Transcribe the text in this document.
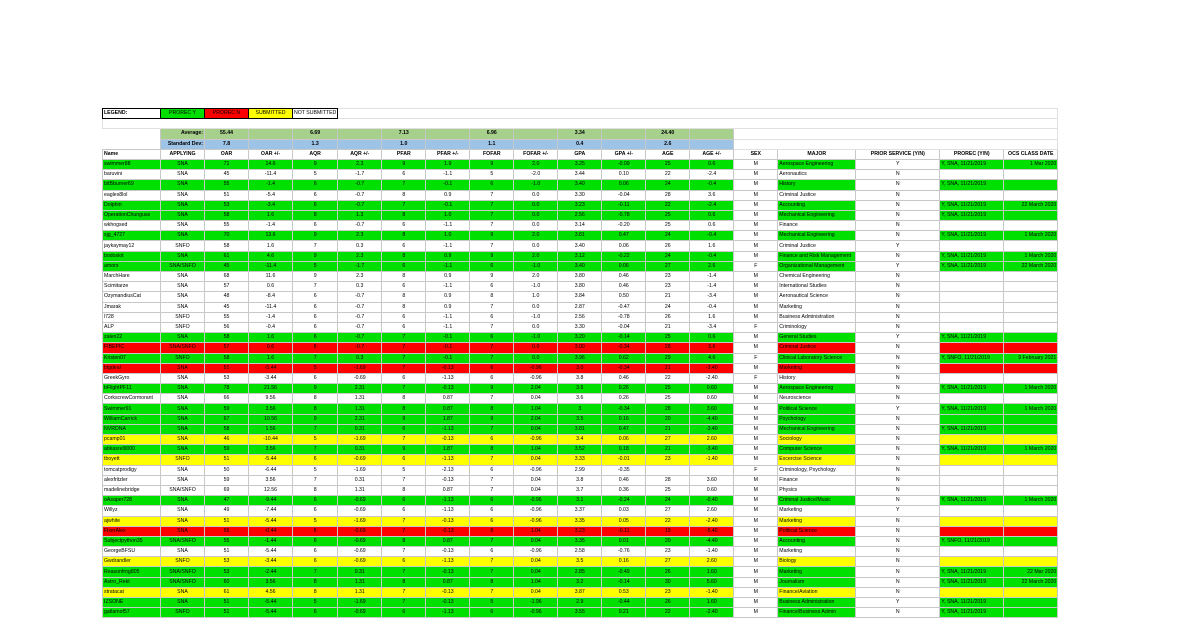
LEGEND:	PROREC Y	PROREC N	SUBMITTED	NOT SUBMITTED														

	Average:	55.44		6.69		7.13		6.96		3.34		24.40						
	Standard Dev:	7.8		1.3		1.0		1.1		0.4		2.6						
Name	APPLYING	OAR	OAR +/-	AQR	AQR +/-	PFAR	PFAR +/-	FOFAR	FOFAR +/-	GPA	GPA +/-	AGE	AGE +/-	SEX	MAJOR	PRIOR SERVICE (Y/N)	PROREC (Y/N)	OCS CLASS DATE
swimmer88	SNA	71	14.6	9	2.3	9	1.9	9	2.0	3.25	-0.09	25	0.6	M	Aerospace Engineering	Y	Y, SNA, 11/21/2019	1 Mar 2020
baruvini	SNA	45	-11.4	5	-1.7	6	-1.1	5	-2.0	3.44	0.10	22	-2.4	M	Aeronautics	N		
bitBburner69	SNA	55	-1.4	6	-0.7	7	-0.1	6	-1.0	3.40	0.06	24	-0.4	M	History	N	Y, SNA, 11/21/2019	
eagles8lol	SNA	51	-5.4	6	-0.7	8	0.9	7	0.0	3.30	-0.04	28	3.6	M	Criminal Justice	N		
Dolphin	SNA	53	-3.4	6	-0.7	7	-0.1	7	0.0	3.23	-0.11	22	-2.4	M	Accounting	N	Y, SNA, 11/21/2019	22 March 2020
OperationChunguss	SNA	58	1.6	8	1.3	8	1.0	7	0.0	2.56	-0.78	25	0.6	M	Mechanical Engineering	N	Y, SNA, 11/21/2019	
wkhogsed	SNA	55	-1.4	6	-0.7	6	-1.1	7	0.0	3.14	-0.20	25	0.6	M	Finance	N		
sjg_4727	SNA	70	13.6	9	2.3	8	1.0	9	2.0	3.81	0.47	24	-0.4	M	Mechanical Engineering	N	Y, SNA, 11/21/2019	1 March 2020
jaykaymay12	SNFO	58	1.6	7	0.3	6	-1.1	7	0.0	3.40	0.06	26	1.6	M	Criminal Justice	Y		
bodoslot	SNA	61	4.6	9	2.3	8	0.9	9	2.0	3.12	-0.22	24	-0.4	M	Finance and Risk Management	N	Y, SNA, 11/21/2019	1 March 2020
amorx	SNA/SNFO	45	-11.4	5	-1.7	6	-1.1	6	-1.0	3.40	0.06	27	2.6	F	Organizational Management	Y	Y, SNA, 11/21/2019	22 March 2020
MarchHare	SNA	68	11.6	9	2.3	8	0.9	9	2.0	3.80	0.46	23	-1.4	M	Chemical Engineering	N		
Scimitarze	SNA	57	0.6	7	0.3	6	-1.1	6	-1.0	3.80	0.46	23	-1.4	M	International Studies	N		
OzymandiusCat	SNA	48	-8.4	6	-0.7	8	0.9	8	1.0	3.84	0.50	21	-3.4	M	Aeronautical Science	N		
Jmarak	SNA	45	-11.4	6	-0.7	8	0.9	7	0.0	2.87	-0.47	24	-0.4	M	Marketing	N		
l728	SNFO	55	-1.4	6	-0.7	6	-1.1	6	-1.0	2.56	-0.78	26	1.6	M	Business Administration	N		
ALP	SNFO	56	-0.4	6	-0.7	6	-1.1	7	0.0	3.30	-0.04	21	-3.4	F	Criminology	N		
zalen22	SNA	58	1.6	6	-0.7	7	-0.1	6	-1.0	3.20	-0.14	25	0.6	M	General Studies	Y	Y, SNA, 11/21/2019	
FIBEPIC	SNA/SNFO	57	0.6	6	-0.7	7	-0.1	7	0.0	3.00	-0.34	28	3.6	M	Criminal Justice	N		
Kristen07	SNFO	58	1.6	7	0.3	7	-0.1	7	0.0	3.96	0.62	29	4.6	F	Clinical Laboratory Science	N	Y, SNFO, 11/21/2019	9 February 2021
bigdeal	SNA	51	-5.44	5	-1.69	7	-0.13	6	-0.96	3.0	-0.34	21	-3.40	M	Marketing	N		
GreekGyro	SNA	53	-3.44	6	-0.69	6	-1.13	6	-0.96	3.8	0.46	22	-2.40	F	History	N		
bFlightPF11	SNA	78	21.56	9	2.31	7	-0.13	9	2.04	3.6	0.26	25	0.60	M	Aerospace Engineering	N	Y, SNA, 11/21/2019	1 March 2020
CorkscrewCormorant	SNA	66	9.56	8	1.31	8	0.87	7	0.04	3.6	0.26	25	0.60	M	Neuroscience	N		
Swimmer91	SNA	59	3.56	8	1.31	8	0.87	8	1.04	3	-0.34	28	3.60	M	Political Science	Y	Y, SNA, 11/21/2019	1 March 2020
WilliamCarrick	SNA	67	10.56	9	2.31	9	1.87	9	2.04	3.5	0.16	20	-4.40	M	Psychology	N		
NVRDNA	SNA	58	1.56	7	0.31	6	-1.13	7	0.04	3.81	0.47	21	-3.40	M	Mechanical Engineering	N	Y, SNA, 11/21/2019	
pcamp01	SNA	46	-10.44	5	-1.69	7	-0.13	6	-0.96	3.4	0.06	27	2.60	M	Sociology	N		
abkasrel9000	SNA	59	3.56	7	0.31	9	1.87	8	1.04	3.52	0.18	21	-3.40	M	Computer Science	N	Y, SNA, 11/21/2019	1 March 2020
tboyett	SNFO	51	-5.44	6	-0.69	6	-1.13	7	0.04	3.33	-0.01	23	-1.40	M	Excercise Science	N		
tomcatprodigy	SNA	50	-6.44	5	-1.69	5	-2.13	6	-0.96	2.99	-0.35			F	Criminology, Psychology	N		
alexfritzler	SNA	59	3.56	7	0.31	7	-0.13	7	0.04	3.8	0.46	28	3.60	M	Finance	N		
madelinebridge	SNA/SNFO	69	12.56	8	1.31	8	0.87	7	0.04	3.7	0.36	25	0.60	M	Physics	N		
oAsaper728	SNA	47	-9.44	6	-0.69	6	-1.13	6	-0.96	3.1	-0.24	24	-0.40	M	Criminal Justice/Music	N	Y, SNA, 11/21/2019	1 March 2020
Willyz	SNA	49	-7.44	6	-0.69	6	-1.13	6	-0.96	3.37	0.03	27	2.60	M	Marketing	Y		
ajwhite	SNA	51	-5.44	5	-1.69	7	-0.13	6	-0.96	3.35	0.05	22	-2.40	M	Marketing	N		
FixerAlex	SNA	56	-0.44	6	-0.69	7	-0.13	8	1.04	3.23	-0.11	19	-5.40	M	Political Science	N		
Subjectpython35	SNA/SNFO	55	-1.44	6	-0.69	8	0.87	7	0.04	3.35	0.01	20	-4.40	M	Accounting	N	Y, SNFO, 11/21/2019	
GeorgeBFSU	SNA	51	-5.44	6	-0.69	7	-0.13	6	-0.96	2.58	-0.76	23	-1.40	M	Marketing	N		
Gwdrandler	SNFO	53	-3.44	6	-0.69	6	-1.13	7	0.04	3.5	0.16	27	2.60	M	Biology	N		
Reasonfrog805	SNA/SNFO	53	-2.44	7	0.31	7	-0.13	7	0.04	2.85	-0.49	26	1.60	M	Marketing	N	Y, SNA, 11/21/2019	22 Mar 2020
Astro_Rekt	SNA/SNFO	60	3.56	8	1.31	8	0.87	8	1.04	3.2	-0.14	30	5.60	M	Journalism	N	Y, SNA, 11/21/2019	22 March 2020
stratacat	SNA	61	4.56	8	1.31	7	-0.13	7	0.04	3.87	0.53	23	-1.40	M	Finance/Aviation	N		
IZSONE	SNA	51	-5.44	5	-1.69	7	-0.13	5	-1.96	2.9	-0.44	26	1.60	M	Business Administration	Y	Y, SNA, 11/21/2019	
gatlamof57	SNFO	51	-5.44	6	-0.69	6	-1.13	6	-0.96	3.55	0.21	22	-2.40	M	Finance/Business Admin	N	Y, SNA, 11/21/2019	
